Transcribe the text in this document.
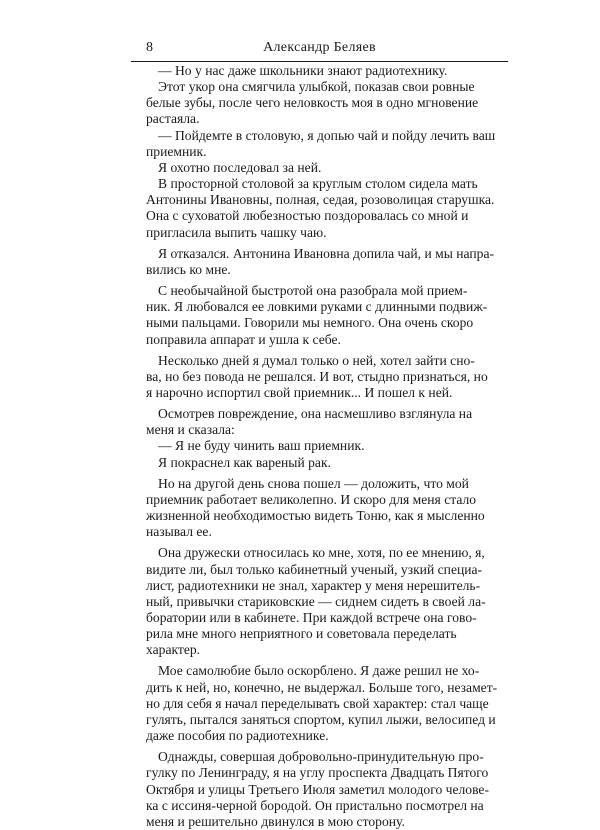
8	Александр Беляев

— Но у нас даже школьники знают радиотехнику.

Этот укор она смягчила улыбкой, показав свои ровные
белые зубы, после чего неловкость моя в одно мгновение
растаяла.

— Пойдемте в столовую, я допью чай и пойду лечить ваш
приемник.

Я охотно последовал за ней.

В просторной столовой за круглым столом сидела мать
Антонины Ивановны, полная, седая, розоволицая старушка.
Она с суховатой любезностью поздоровалась со мной и
пригласила выпить чашку чаю.

Я отказался. Антонина Ивановна допила чай, и мы напра-
вились ко мне.

С необычайной быстротой она разобрала мой прием-
ник. Я любовался ее ловкими руками с длинными подвиж-
ными пальцами. Говорили мы немного. Она очень скоро
поправила аппарат и ушла к себе.

Несколько дней я думал только о ней, хотел зайти сно-
ва, но без повода не решался. И вот, стыдно признаться, но
я нарочно испортил свой приемник... И пошел к ней.

Осмотрев повреждение, она насмешливо взглянула на
меня и сказала:

— Я не буду чинить ваш приемник.

Я покраснел как вареный рак.

Но на другой день снова пошел — доложить, что мой
приемник работает великолепно. И скоро для меня стало
жизненной необходимостью видеть Тоню, как я мысленно
называл ее.

Она дружески относилась ко мне, хотя, по ее мнению, я,
видите ли, был только кабинетный ученый, узкий специа-
лист, радиотехники не знал, характер у меня нерешитель-
ный, привычки стариковские — сиднем сидеть в своей ла-
боратории или в кабинете. При каждой встрече она гово-
рила мне много неприятного и советовала переделать
характер.

Мое самолюбие было оскорблено. Я даже решил не хо-
дить к ней, но, конечно, не выдержал. Больше того, незамет-
но для себя я начал переделывать свой характер: стал чаще
гулять, пытался заняться спортом, купил лыжи, велосипед и
даже пособия по радиотехнике.

Однажды, совершая добровольно-принудительную про-
гулку по Ленинграду, я на углу проспекта Двадцать Пятого
Октября и улицы Третьего Июля заметил молодого челове-
ка с иссиня-черной бородой. Он пристально посмотрел на
меня и решительно двинулся в мою сторону.
